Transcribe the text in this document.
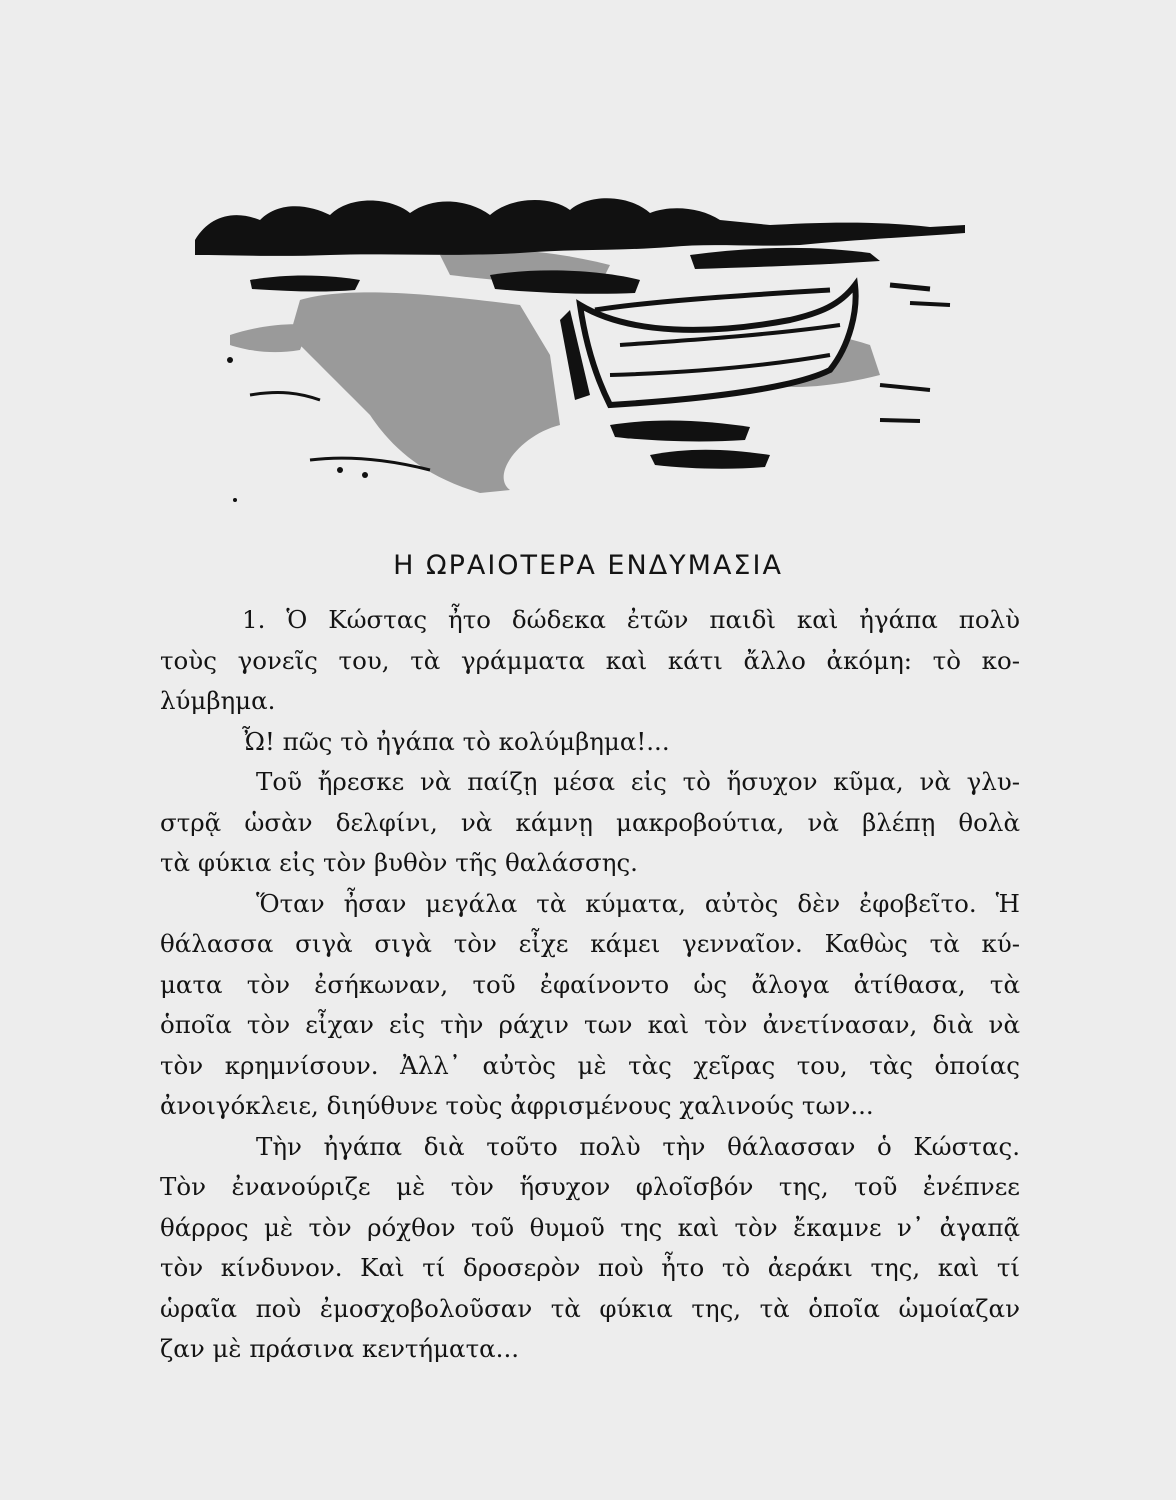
Η ΩΡΑΙΟΤΕΡΑ ΕΝΔΥΜΑΣΙΑ
1. Ὁ Κώστας ἦτο δώδεκα ἐτῶν παιδὶ καὶ ἠγάπα πολὺ
τοὺς γονεῖς του, τὰ γράμματα καὶ κάτι ἄλλο ἀκόμη: τὸ κο-
λύμβημα.
Ὦ! πῶς τὸ ἠγάπα τὸ κολύμβημα!...
Τοῦ ἤρεσκε νὰ παίζῃ μέσα εἰς τὸ ἥσυχον κῦμα, νὰ γλυ-
στρᾷ ὡσὰν δελφίνι, νὰ κάμνῃ μακροβούτια, νὰ βλέπῃ θολὰ
τὰ φύκια εἰς τὸν βυθὸν τῆς θαλάσσης.
Ὅταν ἦσαν μεγάλα τὰ κύματα, αὐτὸς δὲν ἐφοβεῖτο. Ἡ
θάλασσα σιγὰ σιγὰ τὸν εἶχε κάμει γενναῖον. Καθὼς τὰ κύ-
ματα τὸν ἐσήκωναν, τοῦ ἐφαίνοντο ὡς ἄλογα ἀτίθασα, τὰ
ὁποῖα τὸν εἶχαν εἰς τὴν ράχιν των καὶ τὸν ἀνετίνασαν, διὰ νὰ
τὸν κρημνίσουν. Ἀλλ᾽ αὐτὸς μὲ τὰς χεῖρας του, τὰς ὁποίας
ἀνοιγόκλειε, διηύθυνε τοὺς ἀφρισμένους χαλινούς των...
Τὴν ἠγάπα διὰ τοῦτο πολὺ τὴν θάλασσαν ὁ Κώστας.
Τὸν ἐνανούριζε μὲ τὸν ἥσυχον φλοῖσβόν της, τοῦ ἐνέπνεε
θάρρος μὲ τὸν ρόχθον τοῦ θυμοῦ της καὶ τὸν ἔκαμνε ν᾽ ἀγαπᾷ
τὸν κίνδυνον. Καὶ τί δροσερὸν ποὺ ἦτο τὸ ἀεράκι της, καὶ τί
ὡραῖα ποὺ ἐμοσχοβολοῦσαν τὰ φύκια της, τὰ ὁποῖα ὡμοίαζαν
ζαν μὲ πράσινα κεντήματα...
